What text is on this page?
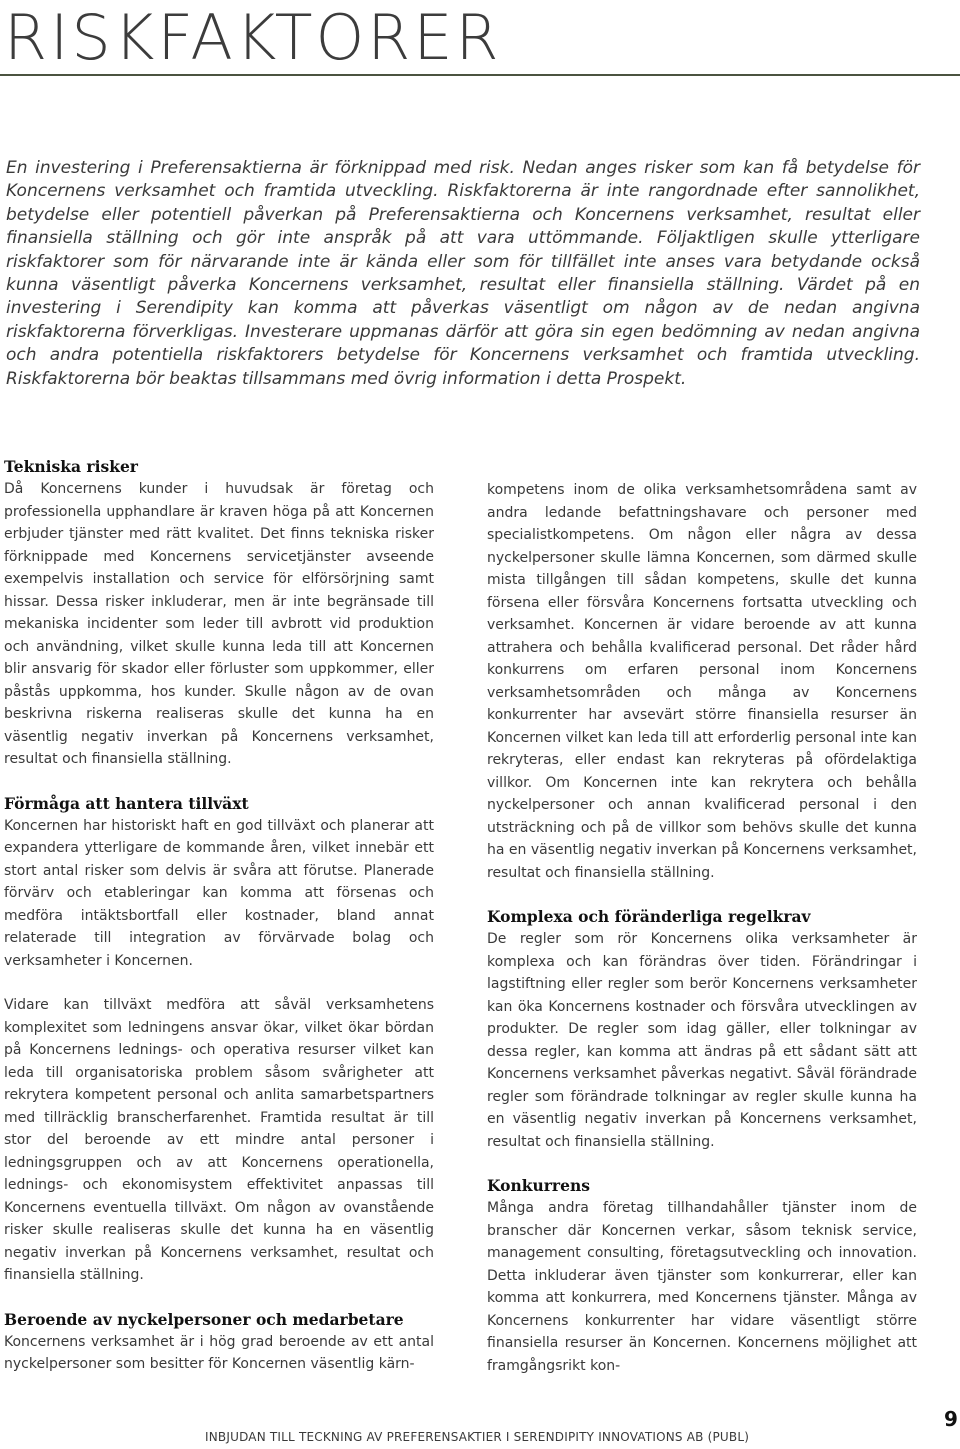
RISKFAKTORER

En investering i Preferensaktierna är förknippad med risk. Nedan anges risker som kan få betydelse för Koncernens verksamhet och framtida utveckling. Riskfaktorerna är inte rangordnade efter sannolikhet, betydelse eller potentiell påverkan på Preferensaktierna och Koncernens verksamhet, resultat eller finansiella ställning och gör inte anspråk på att vara uttömmande. Följaktligen skulle ytterligare riskfaktorer som för närvarande inte är kända eller som för tillfället inte anses vara betydande också kunna väsentligt påverka Koncernens verksamhet, resultat eller finansiella ställning. Värdet på en investering i Serendipity kan komma att påverkas väsentligt om någon av de nedan angivna riskfaktorerna förverkligas. Investerare uppmanas därför att göra sin egen bedömning av nedan angivna och andra potentiella riskfaktorers betydelse för Koncernens verksamhet och framtida utveckling. Riskfaktorerna bör beaktas tillsammans med övrig information i detta Prospekt.

Tekniska risker

Då Koncernens kunder i huvudsak är företag och professionella upphandlare är kraven höga på att Koncernen erbjuder tjänster med rätt kvalitet. Det finns tekniska risker förknippade med Koncernens servicetjänster avseende exempelvis installation och service för elförsörjning samt hissar. Dessa risker inkluderar, men är inte begränsade till mekaniska incidenter som leder till avbrott vid produktion och användning, vilket skulle kunna leda till att Koncernen blir ansvarig för skador eller förluster som uppkommer, eller påstås uppkomma, hos kunder. Skulle någon av de ovan beskrivna riskerna realiseras skulle det kunna ha en väsentlig negativ inverkan på Koncernens verksamhet, resultat och finansiella ställning.

Förmåga att hantera tillväxt

Koncernen har historiskt haft en god tillväxt och planerar att expandera ytterligare de kommande åren, vilket innebär ett stort antal risker som delvis är svåra att förutse. Planerade förvärv och etableringar kan komma att försenas och medföra intäktsbortfall eller kostnader, bland annat relaterade till integration av förvärvade bolag och verksamheter i Koncernen.

Vidare kan tillväxt medföra att såväl verksamhetens komplexitet som ledningens ansvar ökar, vilket ökar bördan på Koncernens lednings- och operativa resurser vilket kan leda till organisatoriska problem såsom svårigheter att rekrytera kompetent personal och anlita samarbetspartners med tillräcklig branscherfarenhet. Framtida resultat är till stor del beroende av ett mindre antal personer i ledningsgruppen och av att Koncernens operationella, lednings- och ekonomisystem effektivitet anpassas till Koncernens eventuella tillväxt. Om någon av ovanstående risker skulle realiseras skulle det kunna ha en väsentlig negativ inverkan på Koncernens verksamhet, resultat och finansiella ställning.

Beroende av nyckelpersoner och medarbetare

Koncernens verksamhet är i hög grad beroende av ett antal nyckelpersoner som besitter för Koncernen väsentlig kärn-

kompetens inom de olika verksamhetsområdena samt av andra ledande befattningshavare och personer med specialistkompetens. Om någon eller några av dessa nyckelpersoner skulle lämna Koncernen, som därmed skulle mista tillgången till sådan kompetens, skulle det kunna försena eller försvåra Koncernens fortsatta utveckling och verksamhet. Koncernen är vidare beroende av att kunna attrahera och behålla kvalificerad personal. Det råder hård konkurrens om erfaren personal inom Koncernens verksamhetsområden och många av Koncernens konkurrenter har avsevärt större finansiella resurser än Koncernen vilket kan leda till att erforderlig personal inte kan rekryteras, eller endast kan rekryteras på ofördelaktiga villkor. Om Koncernen inte kan rekrytera och behålla nyckelpersoner och annan kvalificerad personal i den utsträckning och på de villkor som behövs skulle det kunna ha en väsentlig negativ inverkan på Koncernens verksamhet, resultat och finansiella ställning.

Komplexa och föränderliga regelkrav

De regler som rör Koncernens olika verksamheter är komplexa och kan förändras över tiden. Förändringar i lagstiftning eller regler som berör Koncernens verksamheter kan öka Koncernens kostnader och försvåra utvecklingen av produkter. De regler som idag gäller, eller tolkningar av dessa regler, kan komma att ändras på ett sådant sätt att Koncernens verksamhet påverkas negativt. Såväl förändrade regler som förändrade tolkningar av regler skulle kunna ha en väsentlig negativ inverkan på Koncernens verksamhet, resultat och finansiella ställning.

Konkurrens

Många andra företag tillhandahåller tjänster inom de branscher där Koncernen verkar, såsom teknisk service, management consulting, företagsutveckling och innovation. Detta inkluderar även tjänster som konkurrerar, eller kan komma att konkurrera, med Koncernens tjänster. Många av Koncernens konkurrenter har vidare väsentligt större finansiella resurser än Koncernen. Koncernens möjlighet att framgångsrikt kon-

INBJUDAN TILL TECKNING AV PREFERENSAKTIER I SERENDIPITY INNOVATIONS AB (PUBL)

9
